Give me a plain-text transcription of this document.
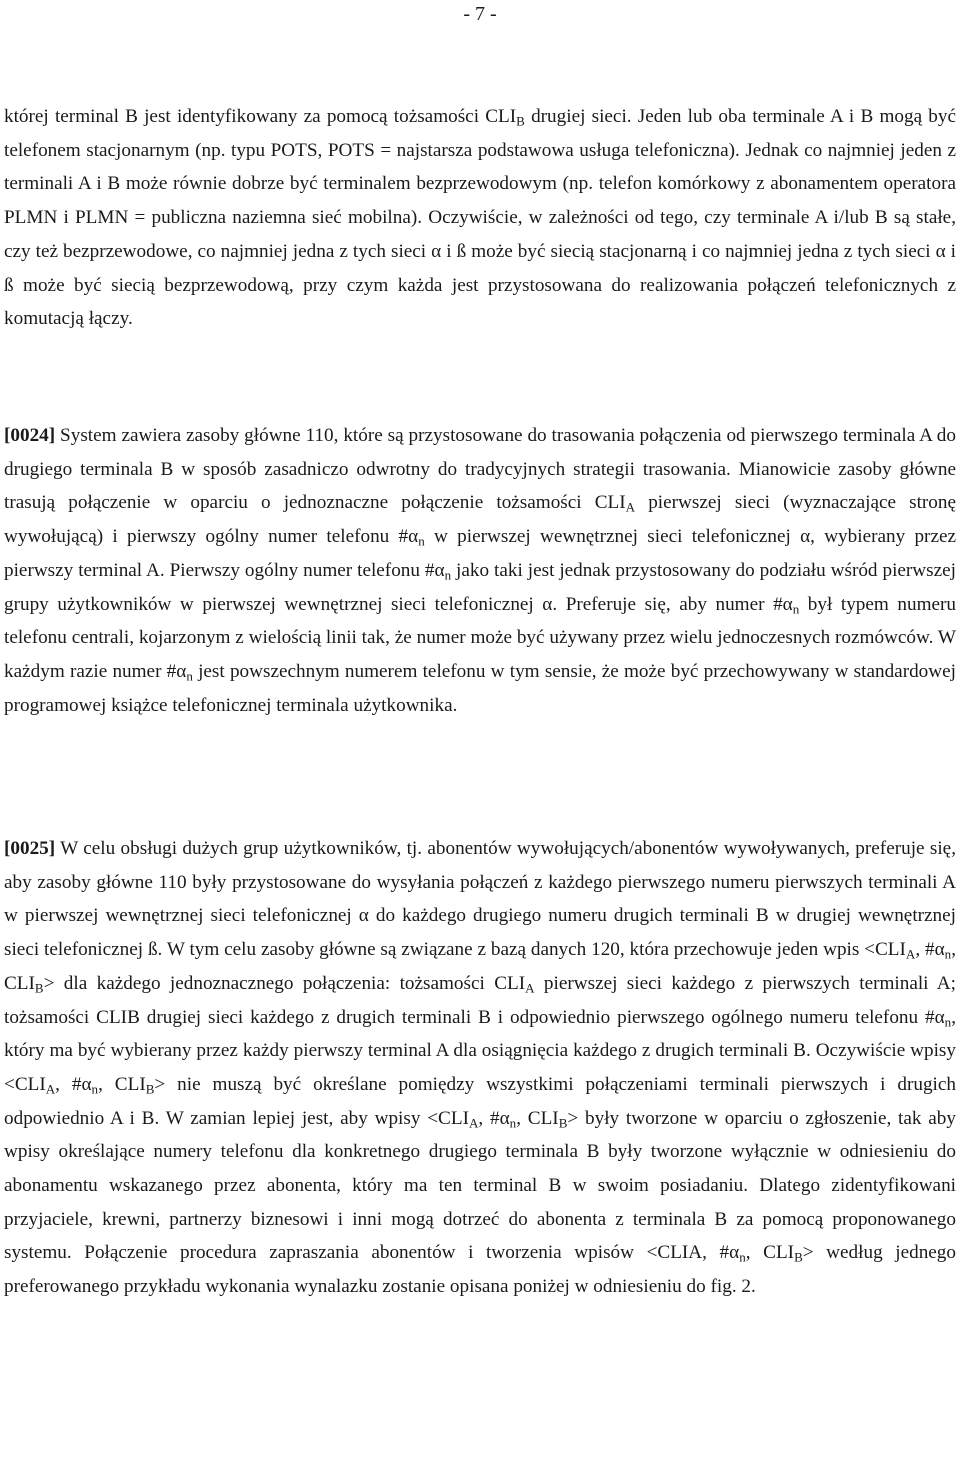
- 7 -

której terminal B jest identyfikowany za pomocą tożsamości $CLI_B$ drugiej sieci. Jeden lub oba terminale A i B mogą być telefonem stacjonarnym (np. typu POTS, POTS = najstarsza podstawowa usługa telefoniczna). Jednak co najmniej jeden z terminali A i B może równie dobrze być terminalem bezprzewodowym (np. telefon komórkowy z abonamentem operatora PLMN i PLMN = publiczna naziemna sieć mobilna). Oczywiście, w zależności od tego, czy terminale A i/lub B są stałe, czy też bezprzewodowe, co najmniej jedna z tych sieci α i ß może być siecią stacjonarną i co najmniej jedna z tych sieci α i ß może być siecią bezprzewodową, przy czym każda jest przystosowana do realizowania połączeń telefonicznych z komutacją łączy.

[0024] System zawiera zasoby główne 110, które są przystosowane do trasowania połączenia od pierwszego terminala A do drugiego terminala B w sposób zasadniczo odwrotny do tradycyjnych strategii trasowania. Mianowicie zasoby główne trasują połączenie w oparciu o jednoznaczne połączenie tożsamości $CLI_A$ pierwszej sieci (wyznaczające stronę wywołującą) i pierwszy ogólny numer telefonu $\#\alpha_n$ w pierwszej wewnętrznej sieci telefonicznej α, wybierany przez pierwszy terminal A. Pierwszy ogólny numer telefonu $\#\alpha_n$ jako taki jest jednak przystosowany do podziału wśród pierwszej grupy użytkowników w pierwszej wewnętrznej sieci telefonicznej α. Preferuje się, aby numer $\#\alpha_n$ był typem numeru telefonu centrali, kojarzonym z wielością linii tak, że numer może być używany przez wielu jednoczesnych rozmówców. W każdym razie numer $\#\alpha_n$ jest powszechnym numerem telefonu w tym sensie, że może być przechowywany w standardowej programowej książce telefonicznej terminala użytkownika.

[0025] W celu obsługi dużych grup użytkowników, tj. abonentów wywołujących/abonentów wywoływanych, preferuje się, aby zasoby główne 110 były przystosowane do wysyłania połączeń z każdego pierwszego numeru pierwszych terminali A w pierwszej wewnętrznej sieci telefonicznej α do każdego drugiego numeru drugich terminali B w drugiej wewnętrznej sieci telefonicznej ß. W tym celu zasoby główne są związane z bazą danych 120, która przechowuje jeden wpis $<CLI_A$, $\#\alpha_n$, $CLI_B>$ dla każdego jednoznacznego połączenia: tożsamości $CLI_A$ pierwszej sieci każdego z pierwszych terminali A; tożsamości CLIB drugiej sieci każdego z drugich terminali B i odpowiednio pierwszego ogólnego numeru telefonu $\#\alpha_n$, który ma być wybierany przez każdy pierwszy terminal A dla osiągnięcia każdego z drugich terminali B. Oczywiście wpisy $<CLI_A$, $\#\alpha_n$, $CLI_B>$ nie muszą być określane pomiędzy wszystkimi połączeniami terminali pierwszych i drugich odpowiednio A i B. W zamian lepiej jest, aby wpisy $<CLI_A$, $\#\alpha_n$, $CLI_B>$ były tworzone w oparciu o zgłoszenie, tak aby wpisy określające numery telefonu dla konkretnego drugiego terminala B były tworzone wyłącznie w odniesieniu do abonamentu wskazanego przez abonenta, który ma ten terminal B w swoim posiadaniu. Dlatego zidentyfikowani przyjaciele, krewni, partnerzy biznesowi i inni mogą dotrzeć do abonenta z terminala B za pomocą proponowanego systemu. Połączenie procedura zapraszania abonentów i tworzenia wpisów <CLIA, $\#\alpha_n$, $CLI_B>$ według jednego preferowanego przykładu wykonania wynalazku zostanie opisana poniżej w odniesieniu do fig. 2.
